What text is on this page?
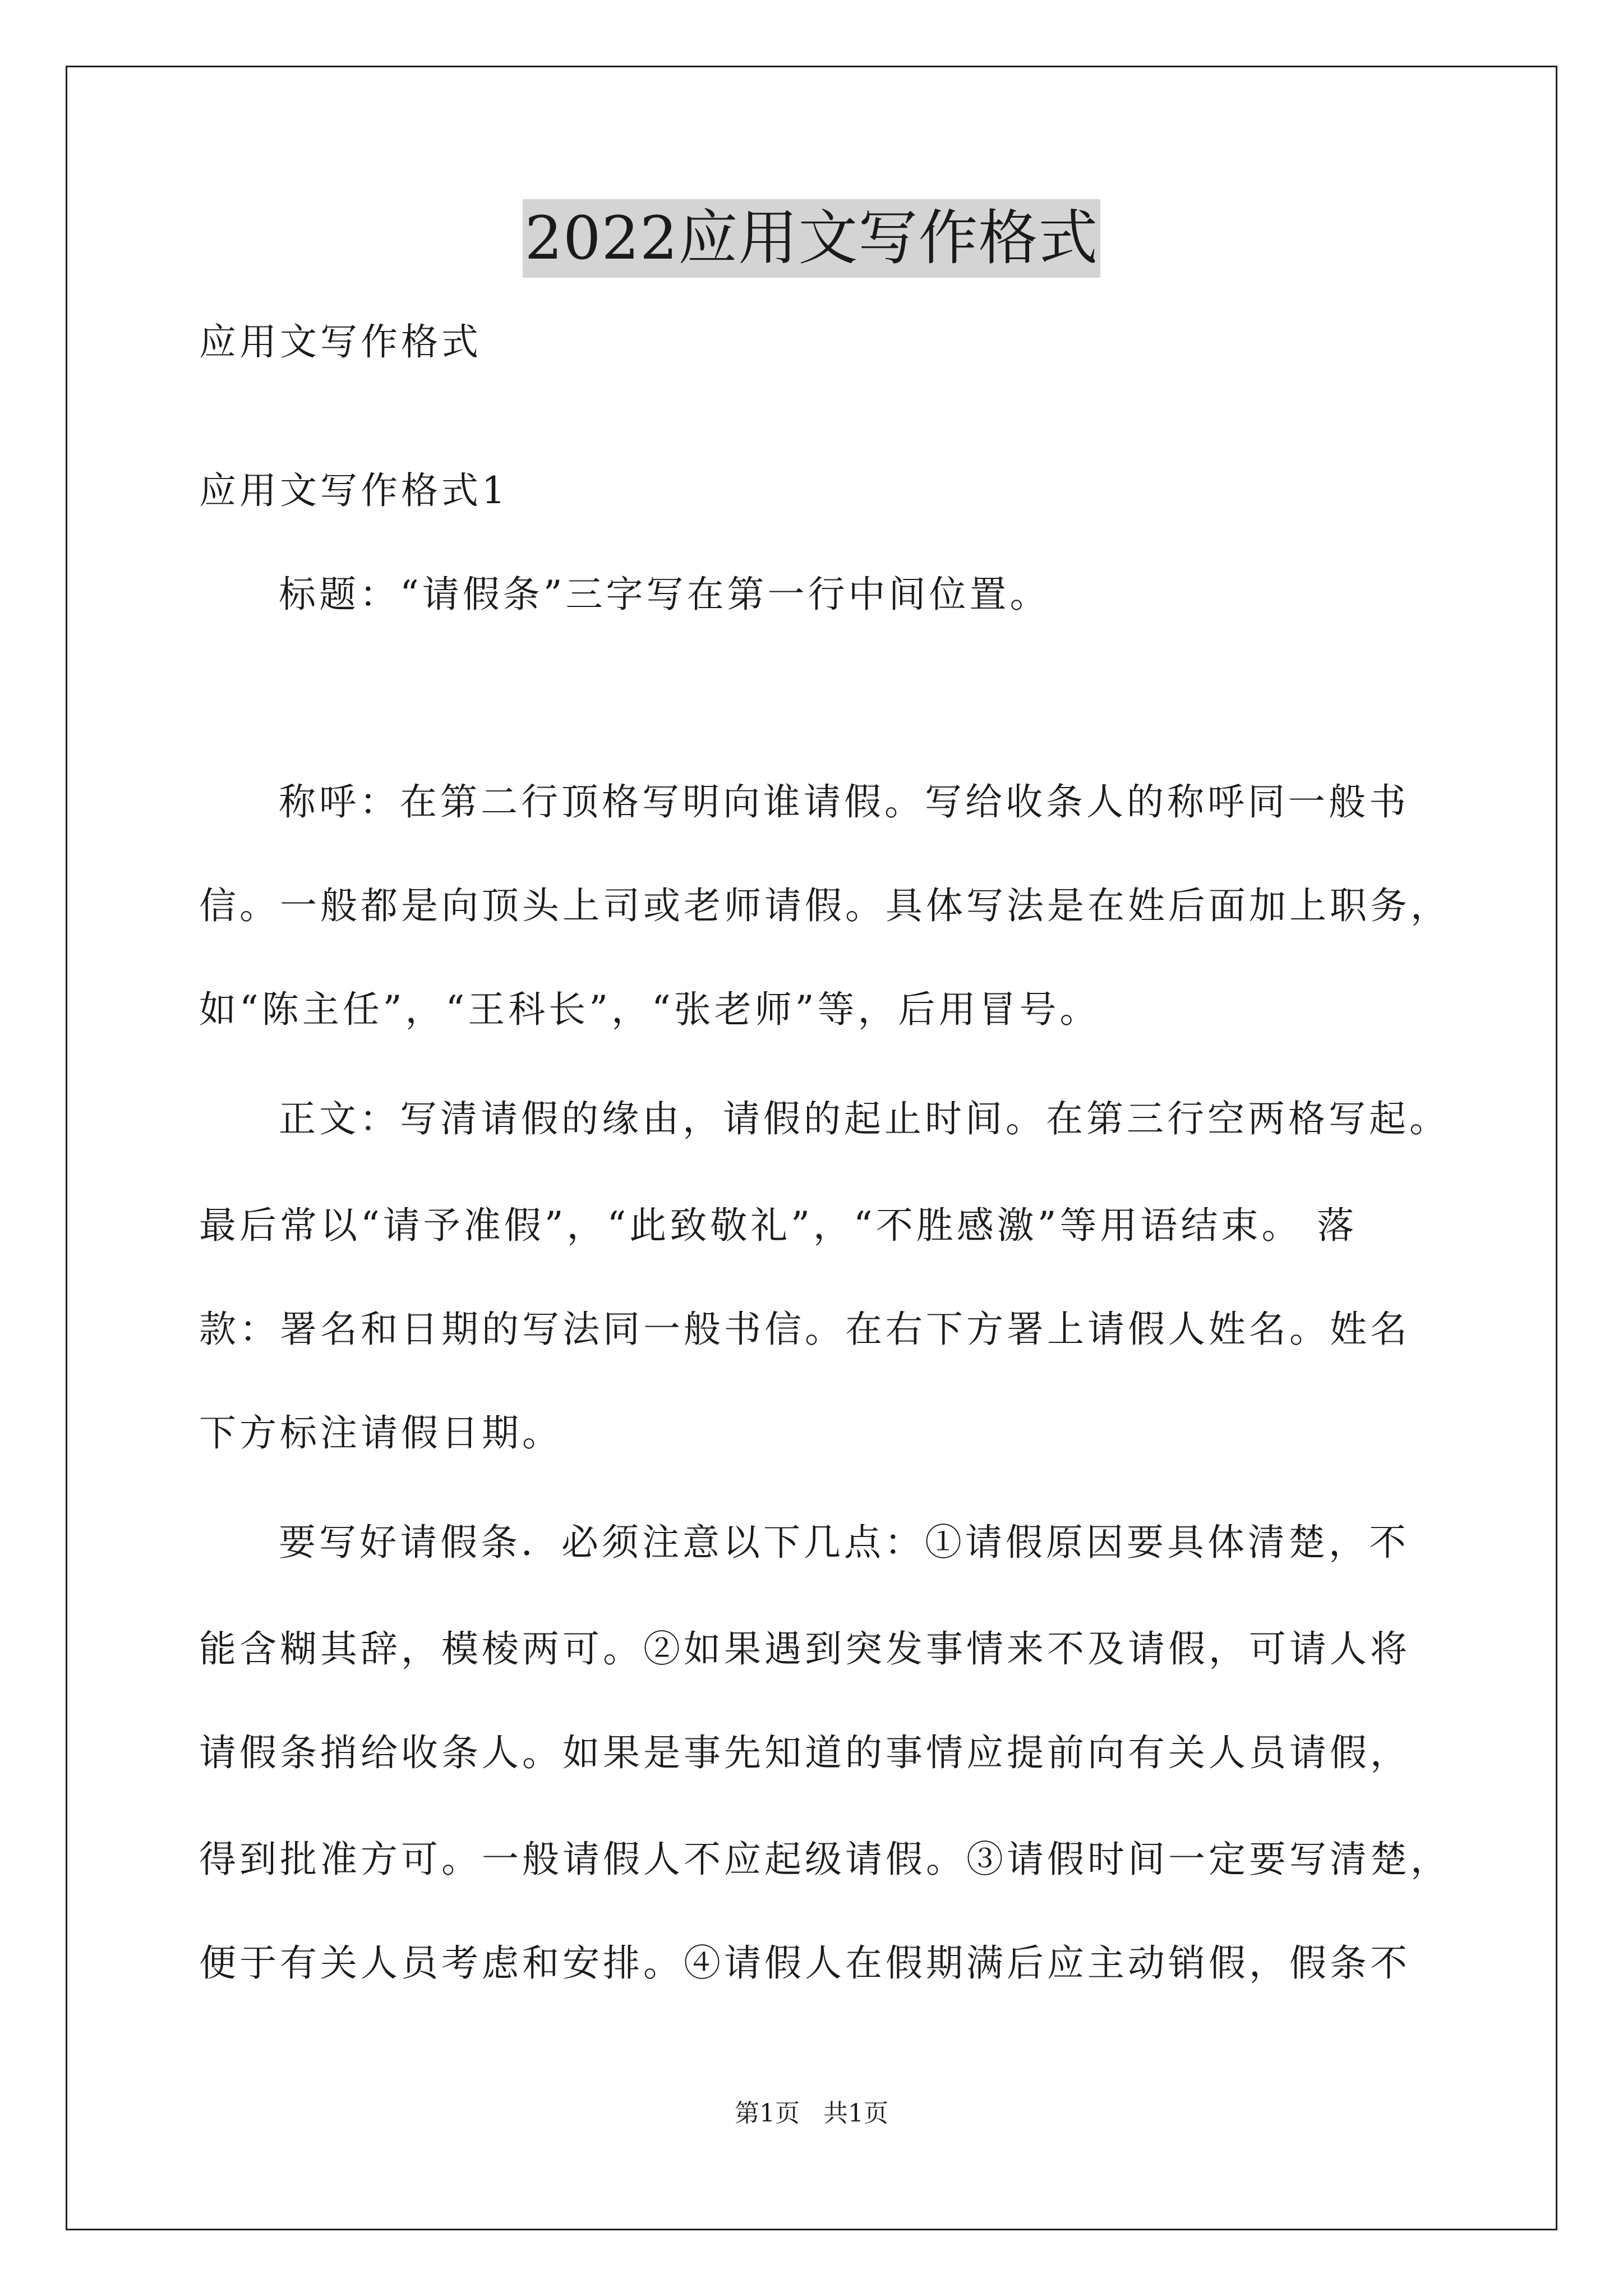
2022应用文写作格式
应用文写作格式
应用文写作格式1
标题：“请假条”三字写在第一行中间位置。
称呼：在第二行顶格写明向谁请假。写给收条人的称呼同一般书
信。一般都是向顶头上司或老师请假。具体写法是在姓后面加上职务，
如“陈主任”，“王科长”，“张老师”等，后用冒号。
正文：写清请假的缘由，请假的起止时间。在第三行空两格写起。
最后常以“请予准假”，“此致敬礼”，“不胜感激”等用语结束。 落
款：署名和日期的写法同一般书信。在右下方署上请假人姓名。姓名
下方标注请假日期。
要写好请假条．必须注意以下几点：①请假原因要具体清楚，不
能含糊其辞，模棱两可。②如果遇到突发事情来不及请假，可请人将
请假条捎给收条人。如果是事先知道的事情应提前向有关人员请假，
得到批准方可。一般请假人不应起级请假。③请假时间一定要写清楚，
便于有关人员考虑和安排。④请假人在假期满后应主动销假，假条不
第1页   共1页
